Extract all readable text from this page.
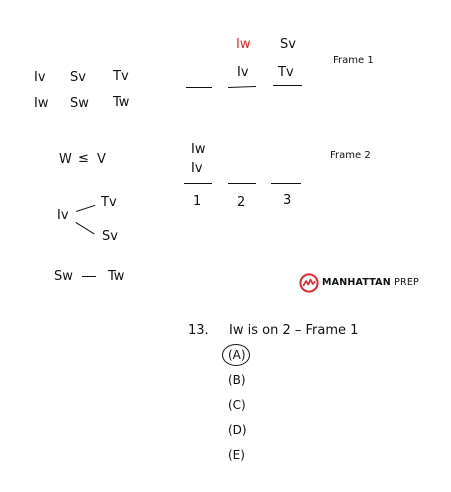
Iv Sv Tv
Iw Sw Tw
W ≤ V
Iv
Tv
Sv
Sw	Tw
Iw Sv
Frame 1
Iv Tv
Frame 2
Iw
Iv
1	2	3
MANHATTAN PREP
13. Iw is on 2 – Frame 1
(A)
(B)
(C)
(D)
(E)
